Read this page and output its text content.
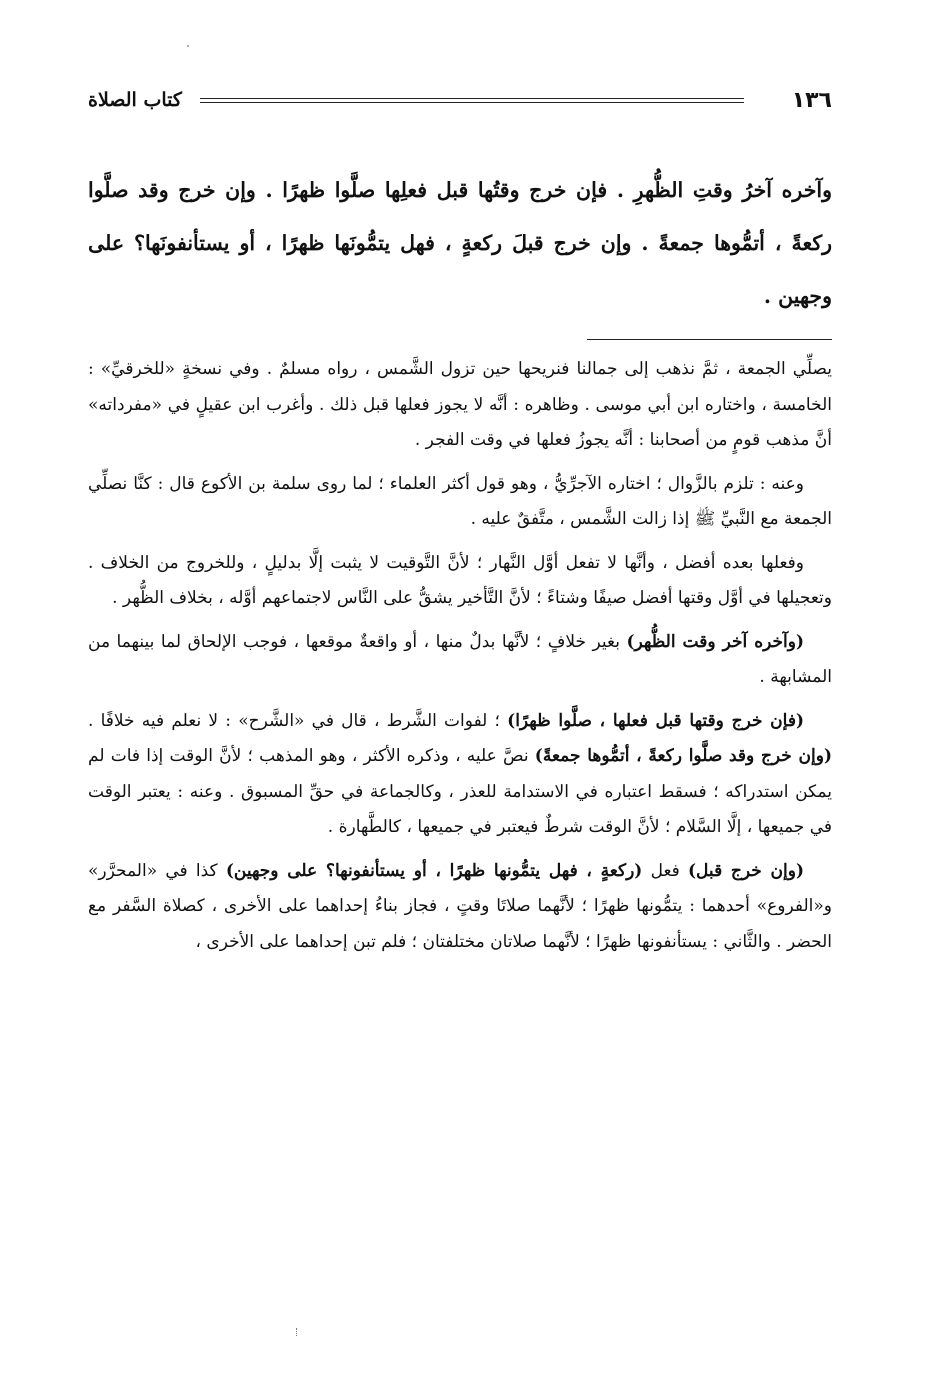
١٣٦
كتاب الصلاة
وآخره آخرُ وقتِ الظُّهرِ . فإن خرج وقتُها قبل فعلِها صلَّوا ظهرًا . وإن خرج وقد صلَّوا ركعةً ، أتمُّوها جمعةً . وإن خرج قبلَ ركعةٍ ، فهل يتمُّونَها ظهرًا ، أو يستأنفونَها؟ على وجهين .

يصلِّي الجمعة ، ثمَّ نذهب إلى جمالنا فنريحها حين تزول الشَّمس ، رواه مسلمٌ . وفي نسخةٍ «للخرقيِّ» : الخامسة ، واختاره ابن أبي موسى . وظاهره : أنَّه لا يجوز فعلها قبل ذلك . وأغرب ابن عقيلٍ في «مفرداته» أنَّ مذهب قومٍ من أصحابنا : أنَّه يجوزُ فعلها في وقت الفجر .

وعنه : تلزم بالزَّوال ؛ اختاره الآجرِّيُّ ، وهو قول أكثر العلماء ؛ لما روى سلمة بن الأكوع قال : كنَّا نصلِّي الجمعة مع النَّبيِّ ﷺ إذا زالت الشَّمس ، متَّفقٌ عليه .

وفعلها بعده أفضل ، وأنَّها لا تفعل أوَّل النَّهار ؛ لأنَّ التَّوقيت لا يثبت إلَّا بدليلٍ ، وللخروج من الخلاف . وتعجيلها في أوَّل وقتها أفضل صيفًا وشتاءً ؛ لأنَّ التَّأخير يشقُّ على النَّاس لاجتماعهم أوَّله ، بخلاف الظُّهر .

(وآخره آخر وقت الظُّهر) بغير خلافٍ ؛ لأنَّها بدلٌ منها ، أو واقعةٌ موقعها ، فوجب الإلحاق لما بينهما من المشابهة .

(فإن خرج وقتها قبل فعلها ، صلَّوا ظهرًا) ؛ لفوات الشَّرط ، قال في «الشَّرح» : لا نعلم فيه خلافًا . (وإن خرج وقد صلَّوا ركعةً ، أتمُّوها جمعةً) نصَّ عليه ، وذكره الأكثر ، وهو المذهب ؛ لأنَّ الوقت إذا فات لم يمكن استدراكه ؛ فسقط اعتباره في الاستدامة للعذر ، وكالجماعة في حقِّ المسبوق . وعنه : يعتبر الوقت في جميعها ، إلَّا السَّلام ؛ لأنَّ الوقت شرطٌ فيعتبر في جميعها ، كالطَّهارة .

(وإن خرج قبل) فعل (ركعةٍ ، فهل يتمُّونها ظهرًا ، أو يستأنفونها؟ على وجهين) كذا في «المحرَّر» و«الفروع» أحدهما : يتمُّونها ظهرًا ؛ لأنَّهما صلاتَا وقتٍ ، فجاز بناءُ إحداهما على الأخرى ، كصلاة السَّفر مع الحضر . والثَّاني : يستأنفونها ظهرًا ؛ لأنَّهما صلاتان مختلفتان ؛ فلم تبن إحداهما على الأخرى ،
